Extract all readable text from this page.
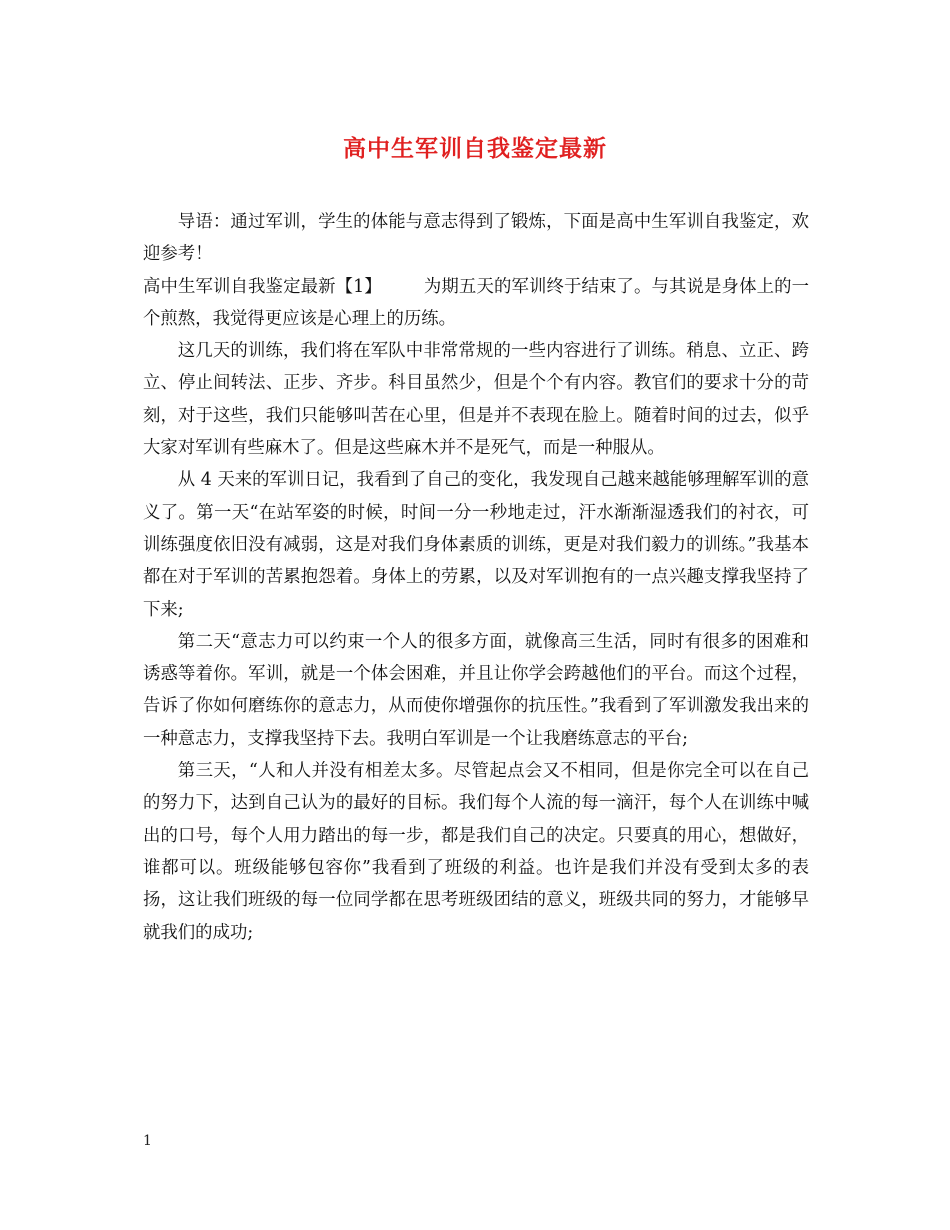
高中生军训自我鉴定最新

导语：通过军训，学生的体能与意志得到了锻炼，下面是高中生军训自我鉴定，欢迎参考！

高中生军训自我鉴定最新【1】 为期五天的军训终于结束了。与其说是身体上的一个煎熬，我觉得更应该是心理上的历练。

这几天的训练，我们将在军队中非常常规的一些内容进行了训练。稍息、立正、跨立、停止间转法、正步、齐步。科目虽然少，但是个个有内容。教官们的要求十分的苛刻，对于这些，我们只能够叫苦在心里，但是并不表现在脸上。随着时间的过去，似乎大家对军训有些麻木了。但是这些麻木并不是死气，而是一种服从。

从 4 天来的军训日记，我看到了自己的变化，我发现自己越来越能够理解军训的意义了。第一天“在站军姿的时候，时间一分一秒地走过，汗水渐渐湿透我们的衬衣，可训练强度依旧没有减弱，这是对我们身体素质的训练，更是对我们毅力的训练。”我基本都在对于军训的苦累抱怨着。身体上的劳累，以及对军训抱有的一点兴趣支撑我坚持了下来;

第二天“意志力可以约束一个人的很多方面，就像高三生活，同时有很多的困难和诱惑等着你。军训，就是一个体会困难，并且让你学会跨越他们的平台。而这个过程，告诉了你如何磨练你的意志力，从而使你增强你的抗压性。”我看到了军训激发我出来的一种意志力，支撑我坚持下去。我明白军训是一个让我磨练意志的平台;

第三天，“人和人并没有相差太多。尽管起点会又不相同，但是你完全可以在自己的努力下，达到自己认为的最好的目标。我们每个人流的每一滴汗，每个人在训练中喊出的口号，每个人用力踏出的每一步，都是我们自己的决定。只要真的用心，想做好，谁都可以。班级能够包容你”我看到了班级的利益。也许是我们并没有受到太多的表扬，这让我们班级的每一位同学都在思考班级团结的意义，班级共同的努力，才能够早就我们的成功;

1
